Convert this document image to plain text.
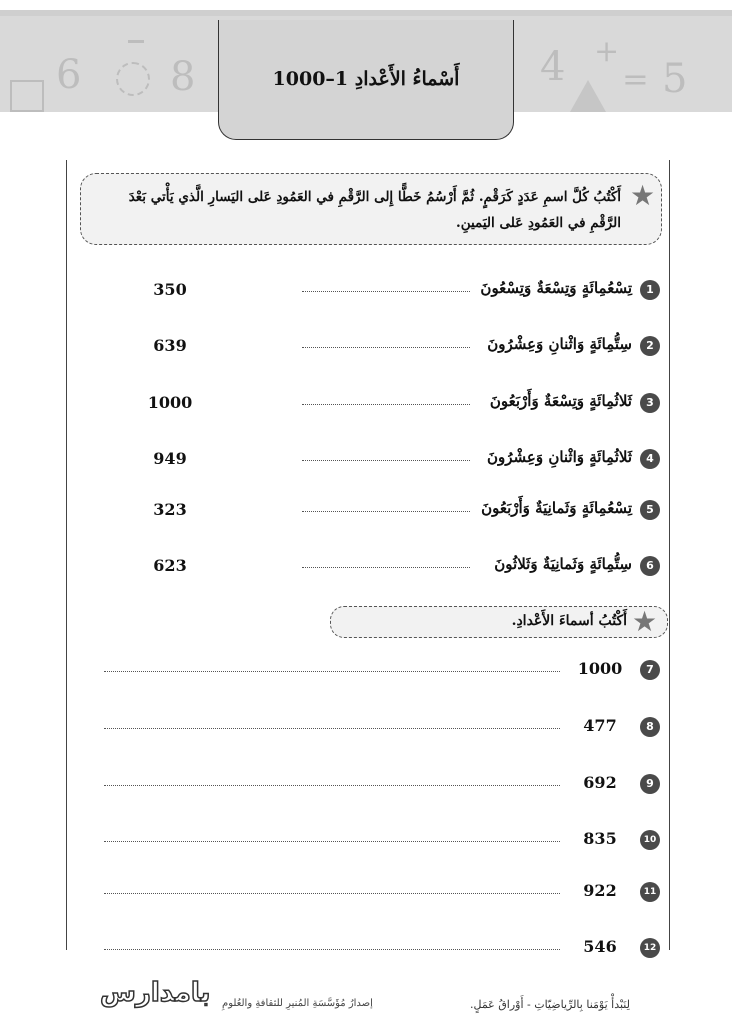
6 8	4 +
= 5
أَسْماءُ الأَعْدادِ 1–1000
أَكْتُبُ كُلَّ اسمِ عَدَدٍ كَرَقْمٍ. ثُمَّ أَرْسُمُ خَطًّا إِلى الرَّقْمِ في العَمُودِ عَلى اليَسارِ الَّذي يَأْتي بَعْدَ الرَّقْمِ في العَمُودِ عَلى اليَمينِ.
★
1
تِسْعُمِائَةٍ وَتِسْعَةٌ وَتِسْعُونَ
350
2
سِتُّمِائَةٍ وَاثْنانِ وَعِشْرُونَ
639
3
ثَلاثُمِائَةٍ وَتِسْعَةٌ وَأَرْبَعُونَ
1000
4
ثَلاثُمِائَةٍ وَاثْنانِ وَعِشْرُونَ
949
5
تِسْعُمِائَةٍ وَثَمانِيَةٌ وَأَرْبَعُونَ
323
6
سِتُّمِائَةٍ وَثَمانِيَةٌ وَثَلاثُونَ
623
أَكْتُبُ أسماءَ الأَعْدادِ. ★
7
1000
8
477
9
692
10
835
11
922
12
546
بامدارس إصدارُ مُؤَسَّسَةِ المُنيرِ للثقافةِ والعُلومِ	لِنَبْدأْ يَوْمَنا بِالرِّياضِيّاتِ - أَوْراقُ عَمَلٍ.
